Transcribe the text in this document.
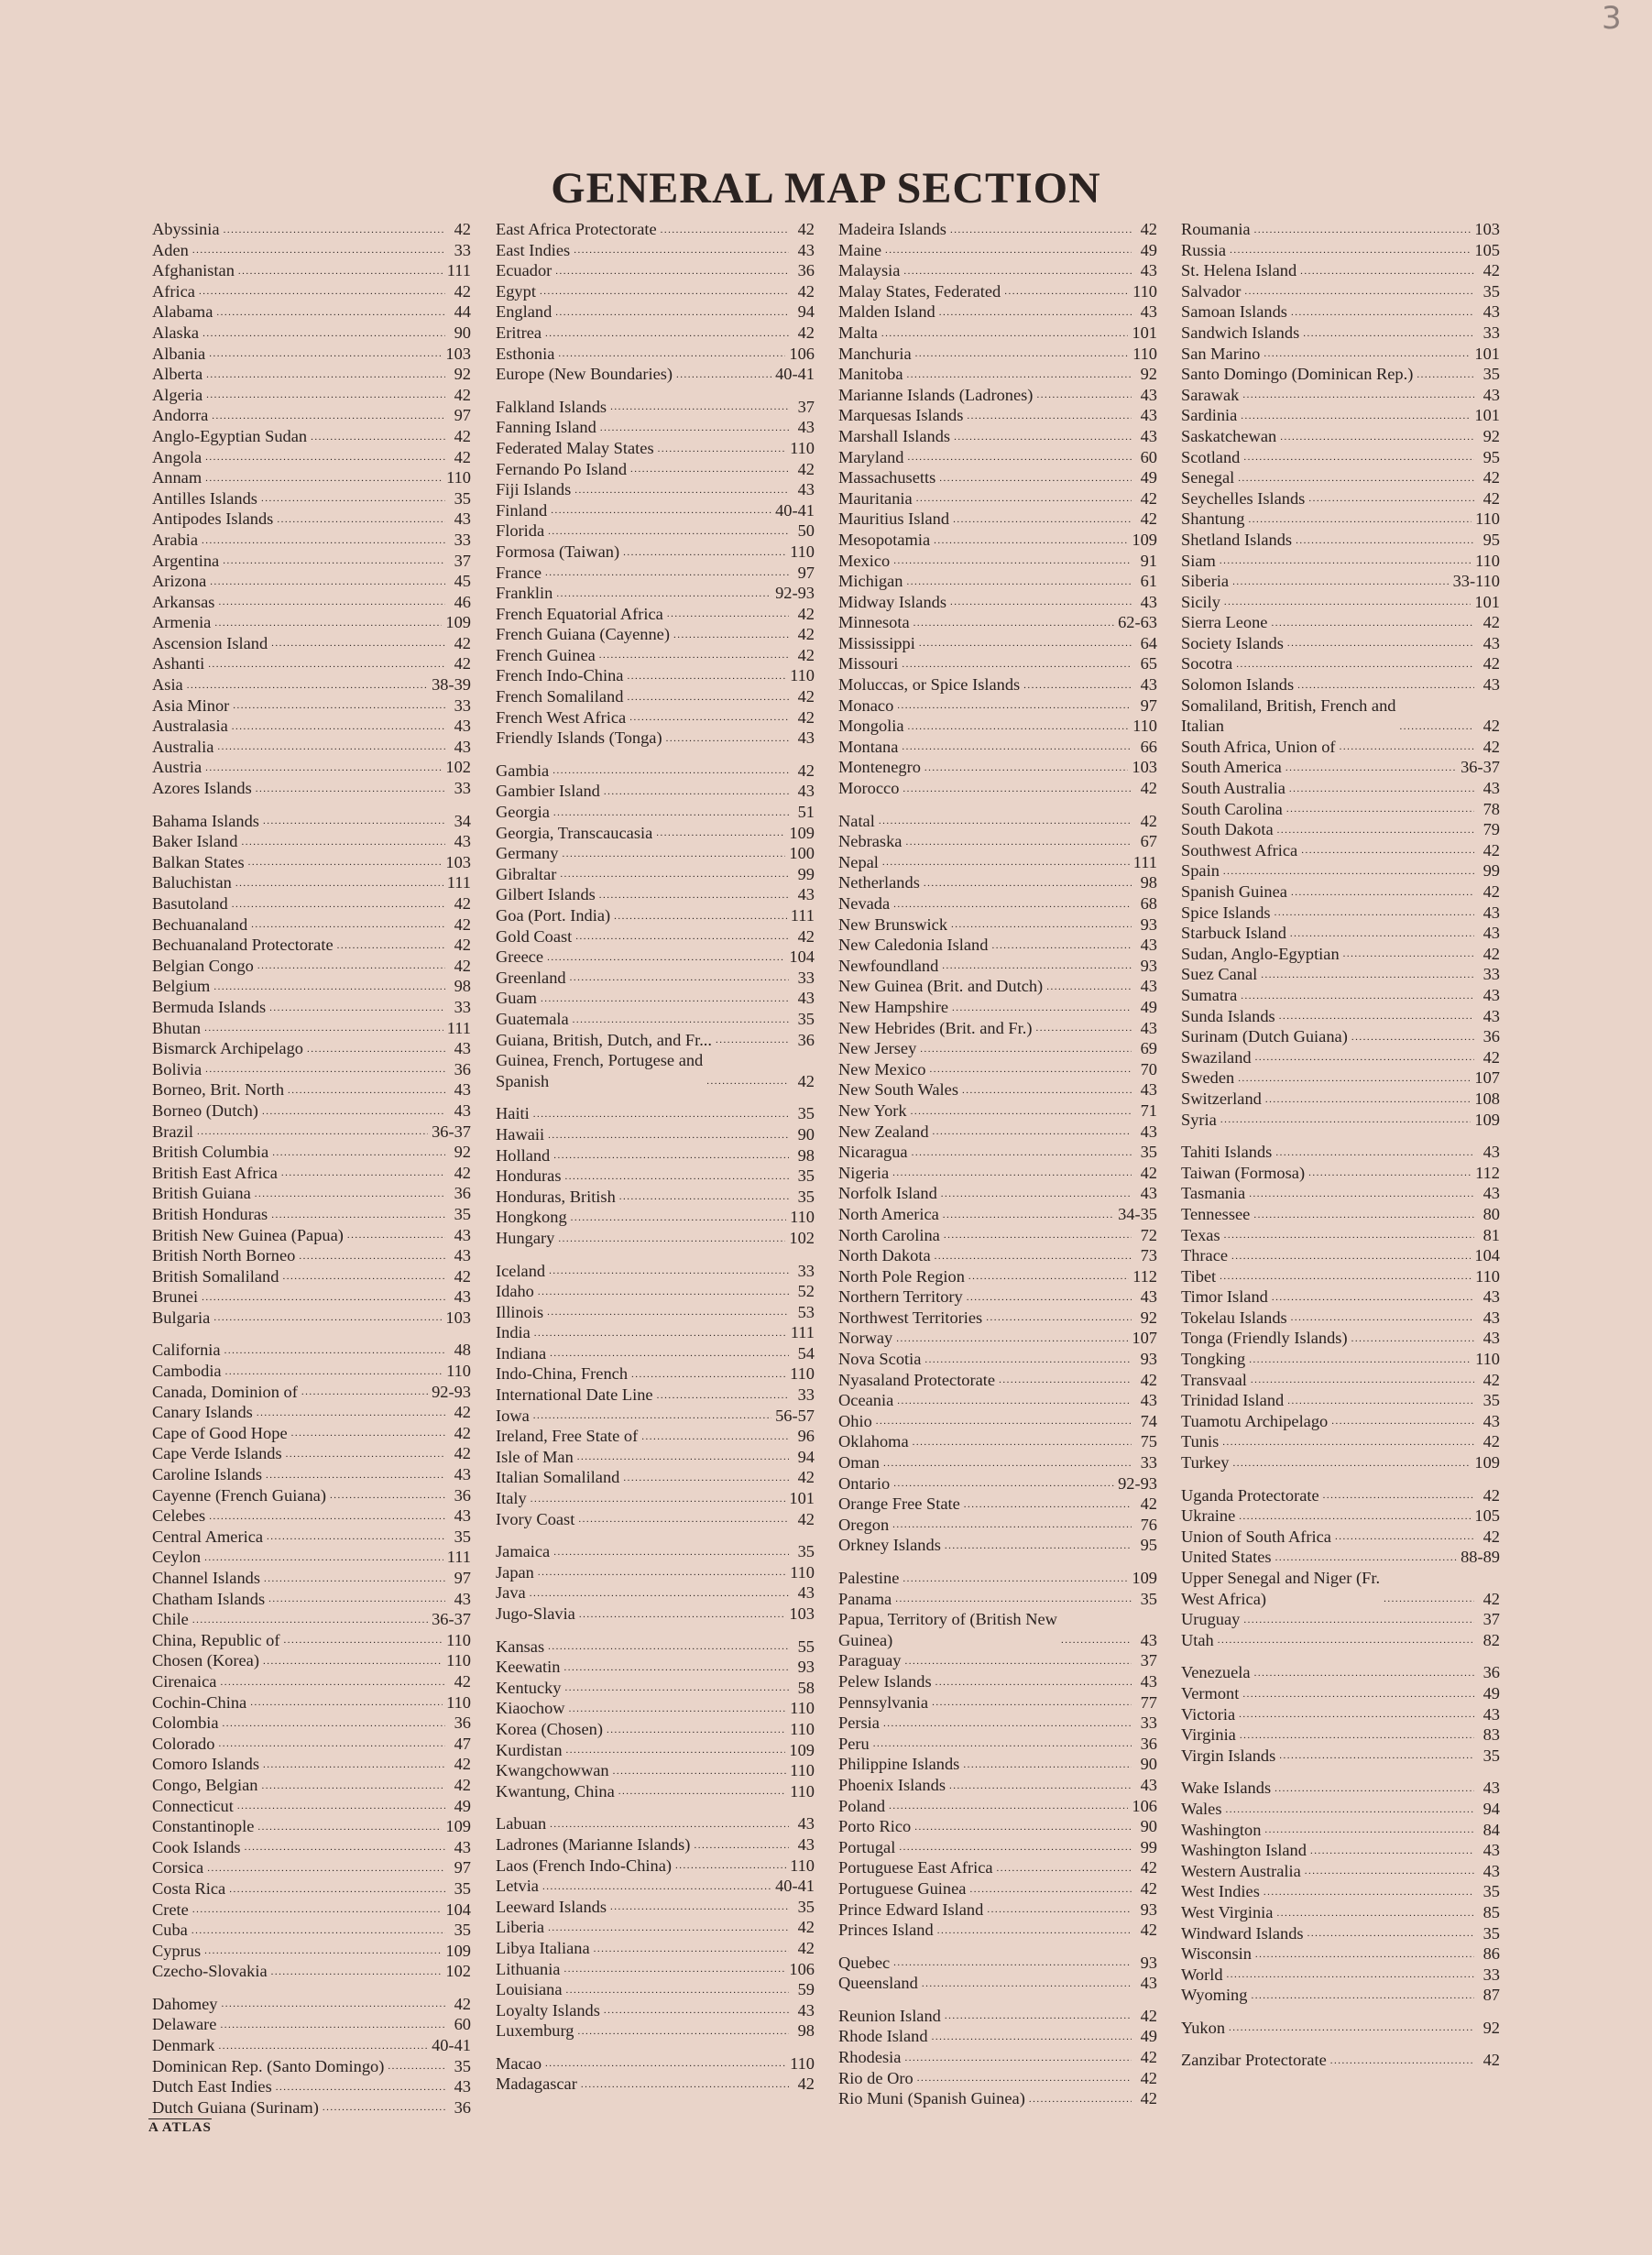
3
GENERAL MAP SECTION
Abyssinia .....	42
Aden .....	33
Afghanistan .....	111
Africa .....	42
Alabama .....	44
Alaska .....	90
Albania .....	103
Alberta .....	92
Algeria .....	42
Andorra .....	97
Anglo-Egyptian Sudan .....	42
Angola .....	42
Annam .....	110
Antilles Islands .....	35
Antipodes Islands .....	43
Arabia .....	33
Argentina .....	37
Arizona .....	45
Arkansas .....	46
Armenia .....	109
Ascension Island .....	42
Ashanti .....	42
Asia .....	38-39
Asia Minor .....	33
Australasia .....	43
Australia .....	43
Austria .....	102
Azores Islands .....	33
Bahama Islands .....	34
Baker Island .....	43
Balkan States .....	103
Baluchistan .....	111
Basutoland .....	42
Bechuanaland .....	42
Bechuanaland Protectorate .....	42
Belgian Congo .....	42
Belgium .....	98
Bermuda Islands .....	33
Bhutan .....	111
Bismarck Archipelago .....	43
Bolivia .....	36
Borneo, Brit. North .....	43
Borneo (Dutch) .....	43
Brazil .....	36-37
British Columbia .....	92
British East Africa .....	42
British Guiana .....	36
British Honduras .....	35
British New Guinea (Papua) .....	43
British North Borneo .....	43
British Somaliland .....	42
Brunei .....	43
Bulgaria .....	103
California .....	48
Cambodia .....	110
Canada, Dominion of .....	92-93
Canary Islands .....	42
Cape of Good Hope .....	42
Cape Verde Islands .....	42
Caroline Islands .....	43
Cayenne (French Guiana) .....	36
Celebes .....	43
Central America .....	35
Ceylon .....	111
Channel Islands .....	97
Chatham Islands .....	43
Chile .....	36-37
China, Republic of .....	110
Chosen (Korea) .....	110
Cirenaica .....	42
Cochin-China .....	110
Colombia .....	36
Colorado .....	47
Comoro Islands .....	42
Congo, Belgian .....	42
Connecticut .....	49
Constantinople .....	109
Cook Islands .....	43
Corsica .....	97
Costa Rica .....	35
Crete .....	104
Cuba .....	35
Cyprus .....	109
Czecho-Slovakia .....	102
Dahomey .....	42
Delaware .....	60
Denmark .....	40-41
Dominican Rep. (Santo Domingo) .....	35
Dutch East Indies .....	43
Dutch Guiana (Surinam) .....	36
East Africa Protectorate .....	42
East Indies .....	43
Ecuador .....	36
Egypt .....	42
England .....	94
Eritrea .....	42
Esthonia .....	106
Europe (New Boundaries) .....	40-41
Falkland Islands .....	37
Fanning Island .....	43
Federated Malay States .....	110
Fernando Po Island .....	42
Fiji Islands .....	43
Finland .....	40-41
Florida .....	50
Formosa (Taiwan) .....	110
France .....	97
Franklin .....	92-93
French Equatorial Africa .....	42
French Guiana (Cayenne) .....	42
French Guinea .....	42
French Indo-China .....	110
French Somaliland .....	42
French West Africa .....	42
Friendly Islands (Tonga) .....	43
Gambia .....	42
Gambier Island .....	43
Georgia .....	51
Georgia, Transcaucasia .....	109
Germany .....	100
Gibraltar .....	99
Gilbert Islands .....	43
Goa (Port. India) .....	111
Gold Coast .....	42
Greece .....	104
Greenland .....	33
Guam .....	43
Guatemala .....	35
Guiana, British, Dutch, and Fr... .....	36
Guinea, French, Portugese and
Spanish .....	42
Haiti .....	35
Hawaii .....	90
Holland .....	98
Honduras .....	35
Honduras, British .....	35
Hongkong .....	110
Hungary .....	102
Iceland .....	33
Idaho .....	52
Illinois .....	53
India .....	111
Indiana .....	54
Indo-China, French .....	110
International Date Line .....	33
Iowa .....	56-57
Ireland, Free State of .....	96
Isle of Man .....	94
Italian Somaliland .....	42
Italy .....	101
Ivory Coast .....	42
Jamaica .....	35
Japan .....	110
Java .....	43
Jugo-Slavia .....	103
Kansas .....	55
Keewatin .....	93
Kentucky .....	58
Kiaochow .....	110
Korea (Chosen) .....	110
Kurdistan .....	109
Kwangchowwan .....	110
Kwantung, China .....	110
Labuan .....	43
Ladrones (Marianne Islands) .....	43
Laos (French Indo-China) .....	110
Letvia .....	40-41
Leeward Islands .....	35
Liberia .....	42
Libya Italiana .....	42
Lithuania .....	106
Louisiana .....	59
Loyalty Islands .....	43
Luxemburg .....	98
Macao .....	110
Madagascar .....	42
Madeira Islands .....	42
Maine .....	49
Malaysia .....	43
Malay States, Federated .....	110
Malden Island .....	43
Malta .....	101
Manchuria .....	110
Manitoba .....	92
Marianne Islands (Ladrones) .....	43
Marquesas Islands .....	43
Marshall Islands .....	43
Maryland .....	60
Massachusetts .....	49
Mauritania .....	42
Mauritius Island .....	42
Mesopotamia .....	109
Mexico .....	91
Michigan .....	61
Midway Islands .....	43
Minnesota .....	62-63
Mississippi .....	64
Missouri .....	65
Moluccas, or Spice Islands .....	43
Monaco .....	97
Mongolia .....	110
Montana .....	66
Montenegro .....	103
Morocco .....	42
Natal .....	42
Nebraska .....	67
Nepal .....	111
Netherlands .....	98
Nevada .....	68
New Brunswick .....	93
New Caledonia Island .....	43
Newfoundland .....	93
New Guinea (Brit. and Dutch) .....	43
New Hampshire .....	49
New Hebrides (Brit. and Fr.) .....	43
New Jersey .....	69
New Mexico .....	70
New South Wales .....	43
New York .....	71
New Zealand .....	43
Nicaragua .....	35
Nigeria .....	42
Norfolk Island .....	43
North America .....	34-35
North Carolina .....	72
North Dakota .....	73
North Pole Region .....	112
Northern Territory .....	43
Northwest Territories .....	92
Norway .....	107
Nova Scotia .....	93
Nyasaland Protectorate .....	42
Oceania .....	43
Ohio .....	74
Oklahoma .....	75
Oman .....	33
Ontario .....	92-93
Orange Free State .....	42
Oregon .....	76
Orkney Islands .....	95
Palestine .....	109
Panama .....	35
Papua, Territory of (British New
Guinea) .....	43
Paraguay .....	37
Pelew Islands .....	43
Pennsylvania .....	77
Persia .....	33
Peru .....	36
Philippine Islands .....	90
Phoenix Islands .....	43
Poland .....	106
Porto Rico .....	90
Portugal .....	99
Portuguese East Africa .....	42
Portuguese Guinea .....	42
Prince Edward Island .....	93
Princes Island .....	42
Quebec .....	93
Queensland .....	43
Reunion Island .....	42
Rhode Island .....	49
Rhodesia .....	42
Rio de Oro .....	42
Rio Muni (Spanish Guinea) .....	42
Roumania .....	103
Russia .....	105
St. Helena Island .....	42
Salvador .....	35
Samoan Islands .....	43
Sandwich Islands .....	33
San Marino .....	101
Santo Domingo (Dominican Rep.) .....	35
Sarawak .....	43
Sardinia .....	101
Saskatchewan .....	92
Scotland .....	95
Senegal .....	42
Seychelles Islands .....	42
Shantung .....	110
Shetland Islands .....	95
Siam .....	110
Siberia .....	33-110
Sicily .....	101
Sierra Leone .....	42
Society Islands .....	43
Socotra .....	42
Solomon Islands .....	43
Somaliland, British, French and
Italian .....	42
South Africa, Union of .....	42
South America .....	36-37
South Australia .....	43
South Carolina .....	78
South Dakota .....	79
Southwest Africa .....	42
Spain .....	99
Spanish Guinea .....	42
Spice Islands .....	43
Starbuck Island .....	43
Sudan, Anglo-Egyptian .....	42
Suez Canal .....	33
Sumatra .....	43
Sunda Islands .....	43
Surinam (Dutch Guiana) .....	36
Swaziland .....	42
Sweden .....	107
Switzerland .....	108
Syria .....	109
Tahiti Islands .....	43
Taiwan (Formosa) .....	112
Tasmania .....	43
Tennessee .....	80
Texas .....	81
Thrace .....	104
Tibet .....	110
Timor Island .....	43
Tokelau Islands .....	43
Tonga (Friendly Islands) .....	43
Tongking .....	110
Transvaal .....	42
Trinidad Island .....	35
Tuamotu Archipelago .....	43
Tunis .....	42
Turkey .....	109
Uganda Protectorate .....	42
Ukraine .....	105
Union of South Africa .....	42
United States .....	88-89
Upper Senegal and Niger (Fr.
West Africa) .....	42
Uruguay .....	37
Utah .....	82
Venezuela .....	36
Vermont .....	49
Victoria .....	43
Virginia .....	83
Virgin Islands .....	35
Wake Islands .....	43
Wales .....	94
Washington .....	84
Washington Island .....	43
Western Australia .....	43
West Indies .....	35
West Virginia .....	85
Windward Islands .....	35
Wisconsin .....	86
World .....	33
Wyoming .....	87
Yukon .....	92
Zanzibar Protectorate .....	42
A ATLAS
